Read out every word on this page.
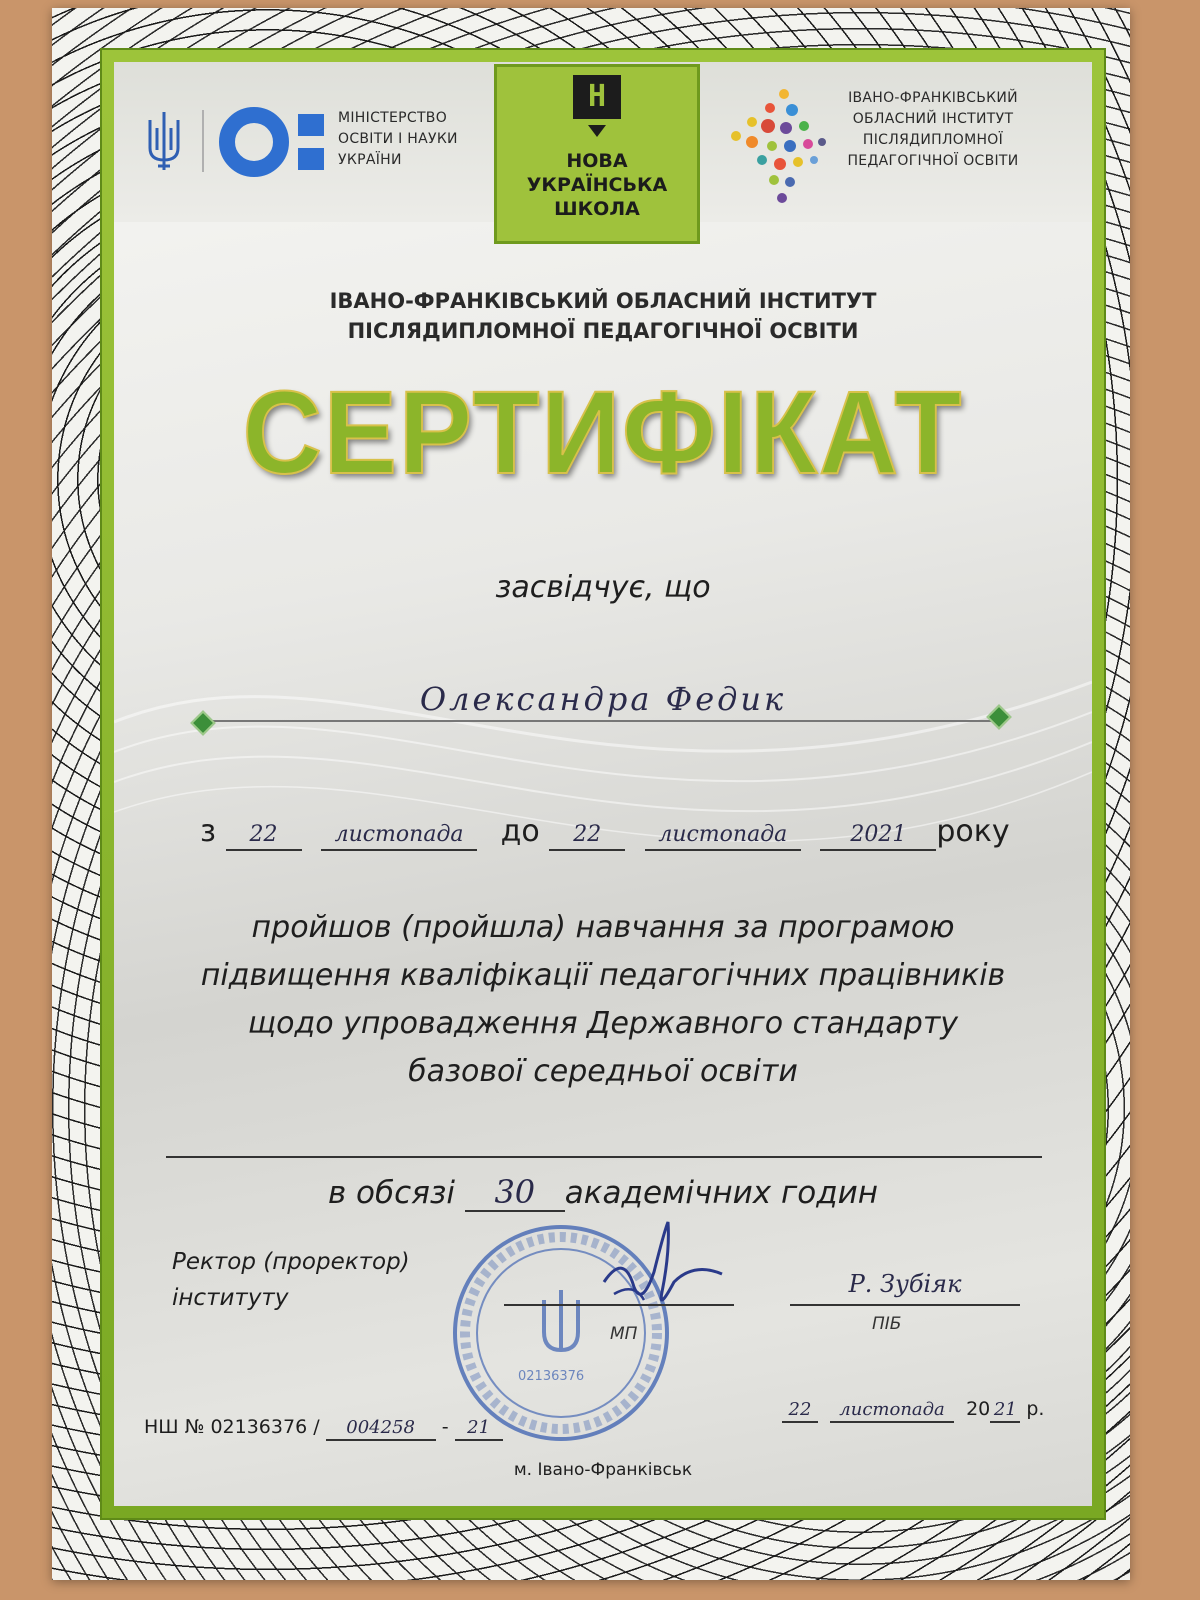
МІНІСТЕРСТВО
ОСВІТИ І НАУКИ
УКРАЇНИ
Н
НОВА
УКРАЇНСЬКА
ШКОЛА
ІВАНО-ФРАНКІВСЬКИЙ
ОБЛАСНИЙ ІНСТИТУТ
ПІСЛЯДИПЛОМНОЇ
ПЕДАГОГІЧНОЇ ОСВІТИ
ІВАНО-ФРАНКІВСЬКИЙ ОБЛАСНИЙ ІНСТИТУТ
ПІСЛЯДИПЛОМНОЇ ПЕДАГОГІЧНОЇ ОСВІТИ
СЕРТИФІКАТ
засвідчує, що
Олександра Федик
з 22	листопада до 22	листопада	2021 року
пройшов (пройшла) навчання за програмою
підвищення кваліфікації педагогічних працівників
щодо упровадження Державного стандарту
базової середньої освіти
в обсязі 30 академічних годин
Ректор (проректор)
інституту
02136376
Р. Зубіяк
МП	ПІБ
НШ № 02136376 / 004258 - 21
22 листопада 20 21 р.
м. Івано-Франківськ
